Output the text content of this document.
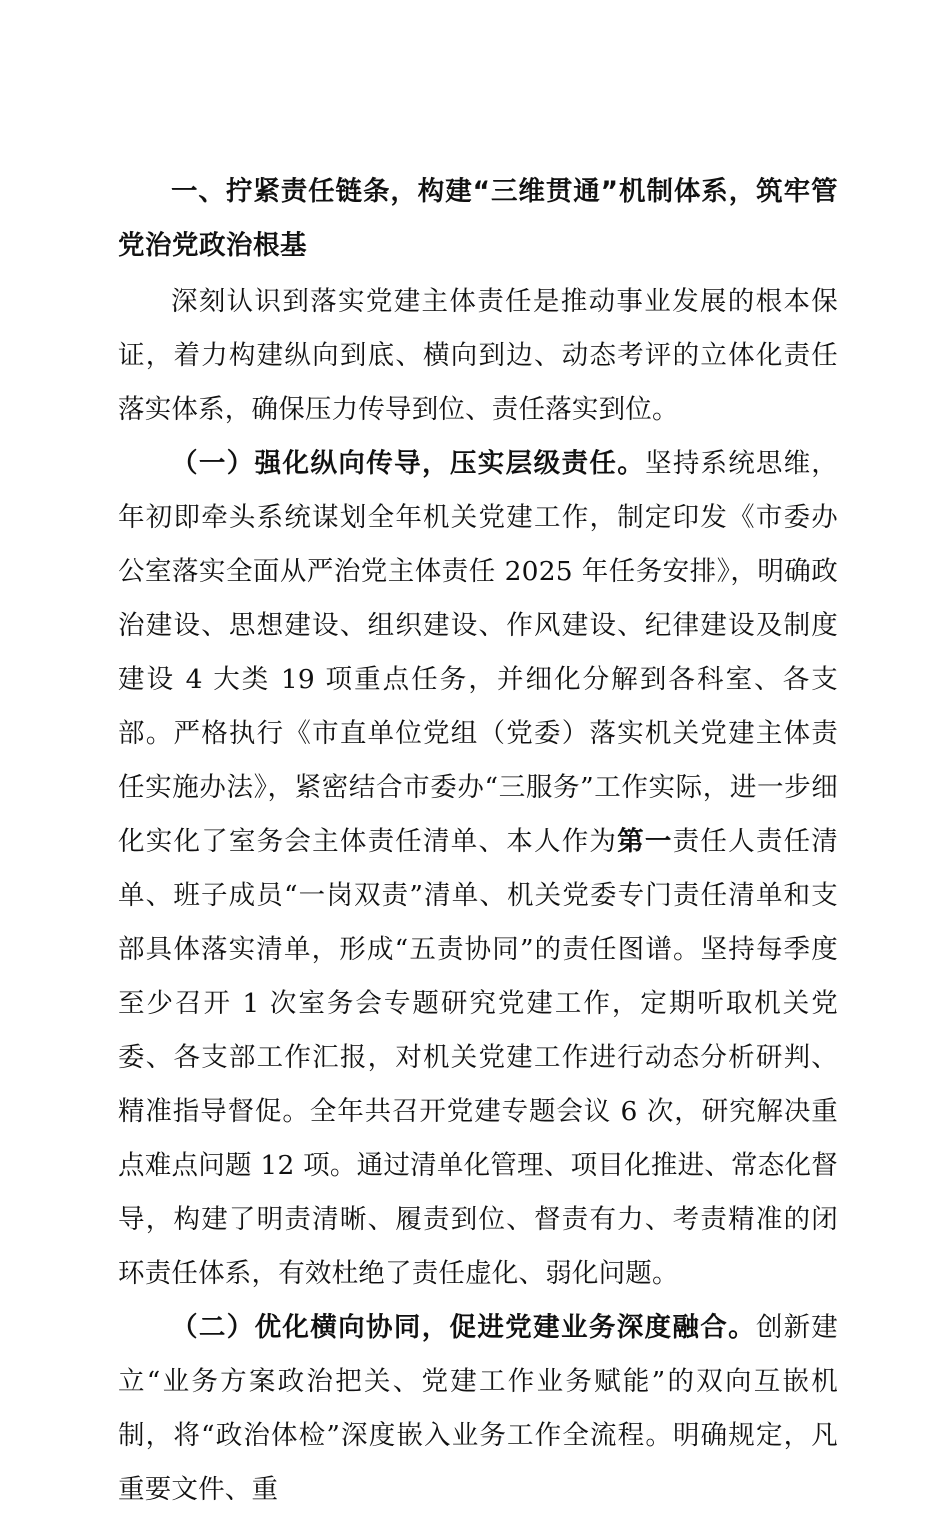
一、拧紧责任链条，构建“三维贯通”机制体系，筑牢管党治党政治根基

深刻认识到落实党建主体责任是推动事业发展的根本保证，着力构建纵向到底、横向到边、动态考评的立体化责任落实体系，确保压力传导到位、责任落实到位。

（一）强化纵向传导，压实层级责任。坚持系统思维，年初即牵头系统谋划全年机关党建工作，制定印发《市委办公室落实全面从严治党主体责任 2025 年任务安排》，明确政治建设、思想建设、组织建设、作风建设、纪律建设及制度建设 4 大类 19 项重点任务，并细化分解到各科室、各支部。严格执行《市直单位党组（党委）落实机关党建主体责任实施办法》，紧密结合市委办“三服务”工作实际，进一步细化实化了室务会主体责任清单、本人作为第一责任人责任清单、班子成员“一岗双责”清单、机关党委专门责任清单和支部具体落实清单，形成“五责协同”的责任图谱。坚持每季度至少召开 1 次室务会专题研究党建工作，定期听取机关党委、各支部工作汇报，对机关党建工作进行动态分析研判、精准指导督促。全年共召开党建专题会议 6 次，研究解决重点难点问题 12 项。通过清单化管理、项目化推进、常态化督导，构建了明责清晰、履责到位、督责有力、考责精准的闭环责任体系，有效杜绝了责任虚化、弱化问题。

（二）优化横向协同，促进党建业务深度融合。创新建立“业务方案政治把关、党建工作业务赋能”的双向互嵌机制，将“政治体检”深度嵌入业务工作全流程。明确规定，凡重要文件、重
